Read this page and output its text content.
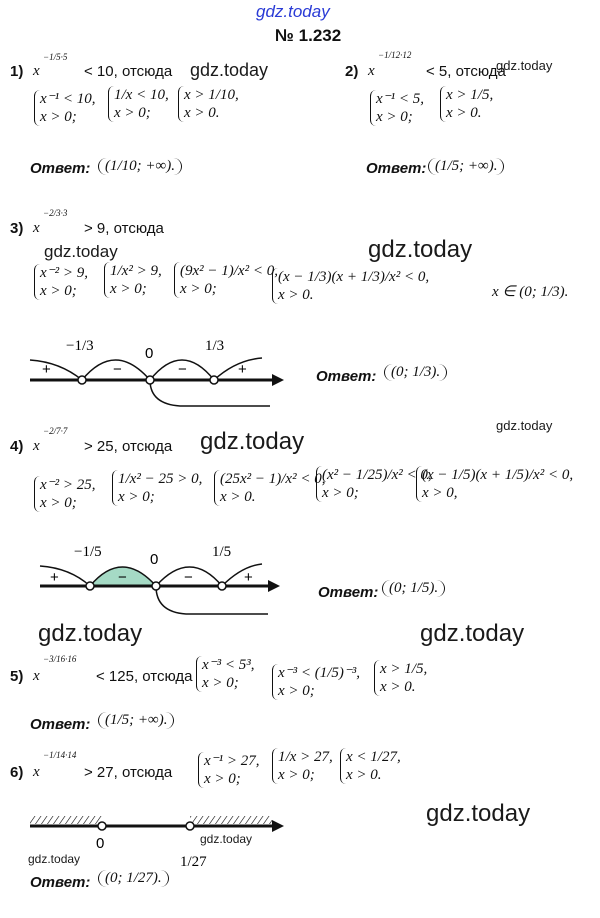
gdz.today
№ 1.232
1) x
−1/5·5
< 10, отсюда gdz.today
x⁻¹ < 10,
x > 0;
1/x < 10,
x > 0;
x > 1/10,
x > 0.
Ответ: (1/10; +∞).
2) x
−1/12·12
< 5, отсюда
gdz.today
x⁻¹ < 5,
x > 0;
x > 1/5,
x > 0.
Ответ: (1/5; +∞).
3) x
−2/3·3
> 9, отсюда
gdz.today	gdz.today
x⁻² > 9,
x > 0;
1/x² > 9,
x > 0;
(9x² − 1)/x² < 0,
x > 0;
(x − 1/3)(x + 1/3)/x² < 0,
x > 0.	x ∈ (0; 1/3).
−1/3	0	1/3
+	−	−	+	Ответ: (0; 1/3).
gdz.today
gdz.today
4) x
−2/7·7
> 25, отсюда
x⁻² > 25,
x > 0;
1/x² − 25 > 0,
x > 0;
(25x² − 1)/x² < 0,
x > 0.
(x² − 1/25)/x² < 0,
x > 0;
(x − 1/5)(x + 1/5)/x² < 0,
x > 0,
−1/5	0	1/5
+	−	−	+
Ответ: (0; 1/5).
gdz.today	gdz.today
5) x
−3/16·16
< 125, отсюда
x⁻³ < 5³,
x > 0;
x⁻³ < (1/5)⁻³,
x > 0;
x > 1/5,
x > 0.
Ответ: (1/5; +∞).
6) x
−1/14·14
> 27, отсюда
x⁻¹ > 27,
x > 0;
1/x > 27,
x > 0;
x < 1/27,
x > 0.
gdz.today
0
1/27
gdz.today
gdz.today
Ответ: (0; 1/27).
